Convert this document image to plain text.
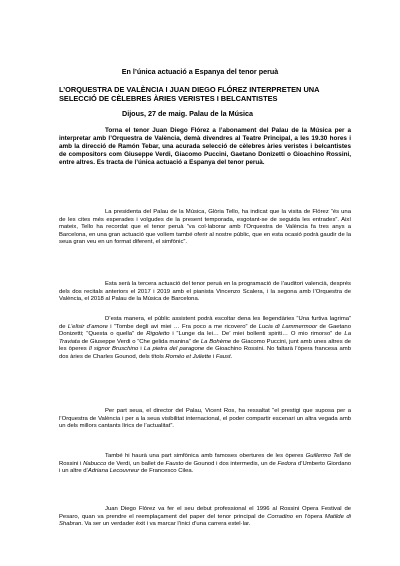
En l’única actuació a Espanya del tenor peruà
L’ORQUESTRA DE VALÈNCIA I JUAN DIEGO FLÓREZ INTERPRETEN UNA SELECCIÓ DE CÈLEBRES ÀRIES VERISTES I BELCANTISTES
Dijous, 27 de maig. Palau de la Música

Torna el tenor Juan Diego Flórez a l’abonament del Palau de la Música per a interpretar amb l’Orquestra de València, demà divendres al Teatre Principal, a les 19.30 hores i amb la direcció de Ramón Tebar, una acurada selecció de cèlebres àries veristes i belcantistes de compositors com Giuseppe Verdi, Giacomo Puccini, Gaetano Donizetti o Gioachino Rossini, entre altres. Es tracta de l’única actuació a Espanya del tenor peruà.

La presidenta del Palau de la Música, Glòria Tello, ha indicat que la visita de Flórez “és una de les cites més esperades i volgudes de la present temporada, esgotant-se de seguida les entrades”. Així mateix, Tello ha recordat que el tenor peruà “va col·laborar amb l’Orquestra de València fa tres anys a Barcelona, en una gran actuació que volíem també oferir al nostre públic, que en esta ocasió podrà gaudir de la seua gran veu en un format diferent, el simfònic”.

Esta serà la tercera actuació del tenor peruà en la programació de l’auditori valencià, després dels dos recitals anteriors el 2017 i 2019 amb el pianista Vincenzo Scalera, i la segona amb l’Orquestra de València, el 2018 al Palau de la Música de Barcelona.

D’esta manera, el públic assistent podrà escoltar dena les llegendàries “Una furtiva lagrima” de L’elisir d’amore i “Tombe degli avi miei … Fra poco a me ricovero” de Lucia di Lammermoor de Gaetano Donizetti; “Questa o quella” de Rigoletto i “Lunge da lei… De’ miei bollenti spiriti… O mio rimorso” de La Traviata de Giuseppe Verdi o “Che gelida manina” de La Bohème de Giacomo Puccini, junt amb unes altres de les òperes Il signor Bruschino i La pietra del paragone de Gioachino Rossini. No faltarà l’òpera francesa amb dos àries de Charles Gounod, dels títols Roméo et Juliette i Faust.

Per part seua, el director del Palau, Vicent Ros, ha ressaltat “el prestigi que suposa per a l’Orquestra de València i per a la seua visibilitat internacional, el poder compartir escenari un altra vegada amb un dels millors cantants lírics de l’actualitat”.

També hi haurà una part simfònica amb famoses obertures de les òperes Guillermo Tell de Rossini i Nabucco de Verdi, un ballet de Fausto de Gounod i dos intermedis, un de Fedora d’Umberto Giordano i un altre d’Adriana Lecouvreur de Francesco Cilea.

Juan Diego Flórez va fer el seu debut professional el 1996 al Rossini Opera Festival de Pesaro, quan va prendre el reemplaçament del paper del tenor principal de Corradino en l’òpera Matilde di Shabran. Va ser un verdader èxit i va marcar l’inici d’una carrera estel·lar.
